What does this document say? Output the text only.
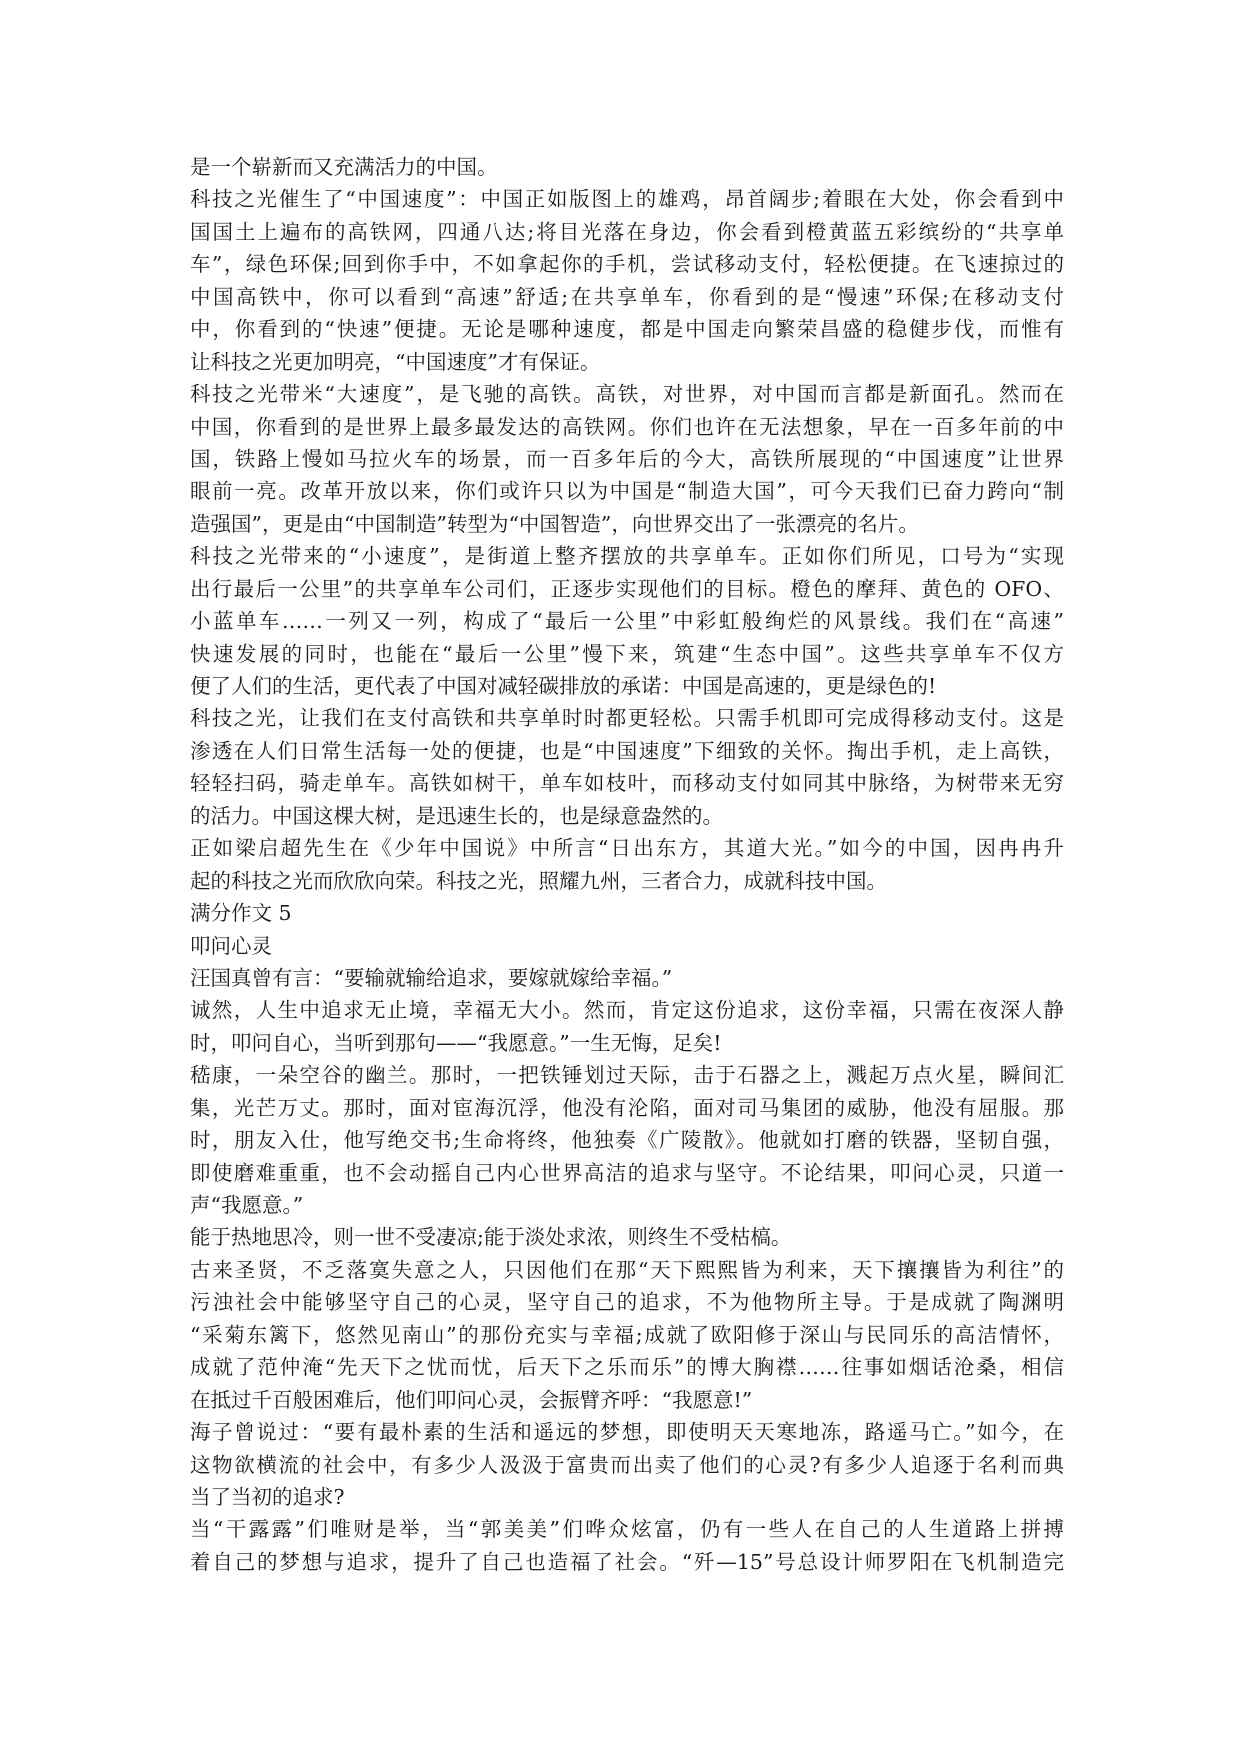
是一个崭新而又充满活力的中国。
科技之光催生了“中国速度”：中国正如版图上的雄鸡，昂首阔步;着眼在大处，你会看到中
国国土上遍布的高铁网，四通八达;将目光落在身边，你会看到橙黄蓝五彩缤纷的“共享单
车”，绿色环保;回到你手中，不如拿起你的手机，尝试移动支付，轻松便捷。在飞速掠过的
中国高铁中，你可以看到“高速”舒适;在共享单车，你看到的是“慢速”环保;在移动支付
中，你看到的“快速”便捷。无论是哪种速度，都是中国走向繁荣昌盛的稳健步伐，而惟有
让科技之光更加明亮，“中国速度”才有保证。
科技之光带米“大速度”，是飞驰的高铁。高铁，对世界，对中国而言都是新面孔。然而在
中国，你看到的是世界上最多最发达的高铁网。你们也许在无法想象，早在一百多年前的中
国，铁路上慢如马拉火车的场景，而一百多年后的今大，高铁所展现的“中国速度”让世界
眼前一亮。改革开放以来，你们或许只以为中国是“制造大国”，可今天我们已奋力跨向“制
造强国”，更是由“中国制造”转型为“中国智造”，向世界交出了一张漂亮的名片。
科技之光带来的“小速度”，是街道上整齐摆放的共享单车。正如你们所见，口号为“实现
出行最后一公里”的共享单车公司们，正逐步实现他们的目标。橙色的摩拜、黄色的 OFO、
小蓝单车……一列又一列，构成了“最后一公里”中彩虹般绚烂的风景线。我们在“高速”
快速发展的同时，也能在“最后一公里”慢下来，筑建“生态中国”。这些共享单车不仅方
便了人们的生活，更代表了中国对减轻碳排放的承诺：中国是高速的，更是绿色的!
科技之光，让我们在支付高铁和共享单时时都更轻松。只需手机即可完成得移动支付。这是
渗透在人们日常生活每一处的便捷，也是“中国速度”下细致的关怀。掏出手机，走上高铁，
轻轻扫码，骑走单车。高铁如树干，单车如枝叶，而移动支付如同其中脉络，为树带来无穷
的活力。中国这棵大树，是迅速生长的，也是绿意盎然的。
正如梁启超先生在《少年中国说》中所言“日出东方，其道大光。”如今的中国，因冉冉升
起的科技之光而欣欣向荣。科技之光，照耀九州，三者合力，成就科技中国。
满分作文 5
叩问心灵
汪国真曾有言：“要输就输给追求，要嫁就嫁给幸福。”
诚然，人生中追求无止境，幸福无大小。然而，肯定这份追求，这份幸福，只需在夜深人静
时，叩问自心，当听到那句——“我愿意。”一生无悔，足矣!
嵇康，一朵空谷的幽兰。那时，一把铁锤划过天际，击于石器之上，溅起万点火星，瞬间汇
集，光芒万丈。那时，面对宦海沉浮，他没有沦陷，面对司马集团的威胁，他没有屈服。那
时，朋友入仕，他写绝交书;生命将终，他独奏《广陵散》。他就如打磨的铁器，坚韧自强，
即使磨难重重，也不会动摇自己内心世界高洁的追求与坚守。不论结果，叩问心灵，只道一
声“我愿意。”
能于热地思冷，则一世不受凄凉;能于淡处求浓，则终生不受枯槁。
古来圣贤，不乏落寞失意之人，只因他们在那“天下熙熙皆为利来，天下攘攘皆为利往”的
污浊社会中能够坚守自己的心灵，坚守自己的追求，不为他物所主导。于是成就了陶渊明
“采菊东篱下，悠然见南山”的那份充实与幸福;成就了欧阳修于深山与民同乐的高洁情怀，
成就了范仲淹“先天下之忧而忧，后天下之乐而乐”的博大胸襟……往事如烟话沧桑，相信
在抵过千百般困难后，他们叩问心灵，会振臂齐呼：“我愿意!”
海子曾说过：“要有最朴素的生活和遥远的梦想，即使明天天寒地冻，路遥马亡。”如今，在
这物欲横流的社会中，有多少人汲汲于富贵而出卖了他们的心灵?有多少人追逐于名利而典
当了当初的追求?
当“干露露”们唯财是举，当“郭美美”们哗众炫富，仍有一些人在自己的人生道路上拼搏
着自己的梦想与追求，提升了自己也造福了社会。“歼—15”号总设计师罗阳在飞机制造完
